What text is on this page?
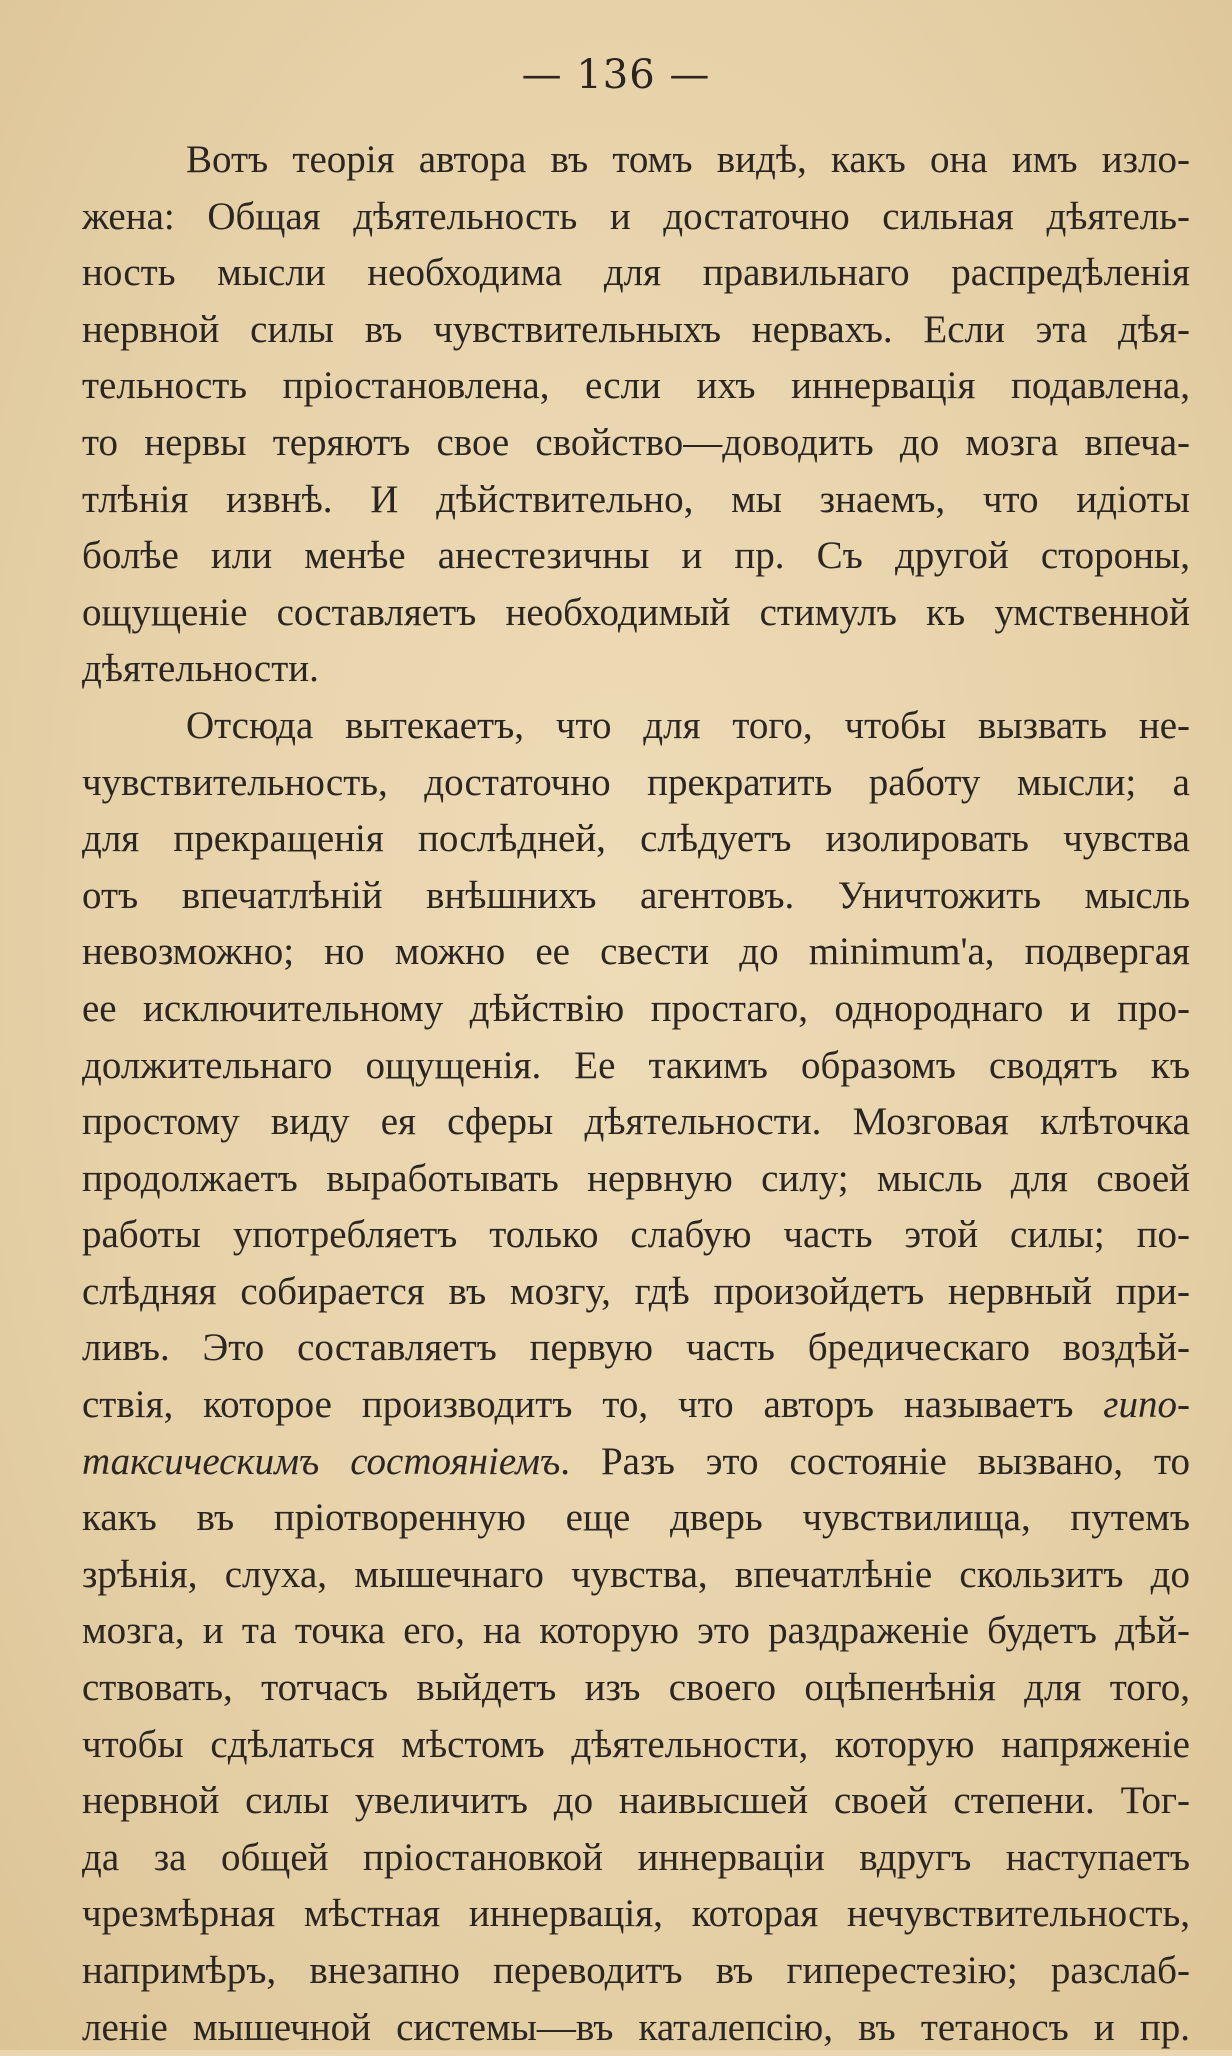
— 136 —
Вотъ теорія автора въ томъ видѣ, какъ она имъ изло-
жена: Общая дѣятельность и достаточно сильная дѣятель-
ность мысли необходима для правильнаго распредѣленія
нервной силы въ чувствительныхъ нервахъ. Если эта дѣя-
тельность пріостановлена, если ихъ иннервація подавлена,
то нервы теряютъ свое свойство—доводить до мозга впеча-
тлѣнія извнѣ. И дѣйствительно, мы знаемъ, что идіоты
болѣе или менѣе анестезичны и пр. Съ другой стороны,
ощущеніе составляетъ необходимый стимулъ къ умственной
дѣятельности.
Отсюда вытекаетъ, что для того, чтобы вызвать не-
чувствительность, достаточно прекратить работу мысли; а
для прекращенія послѣдней, слѣдуетъ изолировать чувства
отъ впечатлѣній внѣшнихъ агентовъ. Уничтожить мысль
невозможно; но можно ее свести до minimum'а, подвергая
ее исключительному дѣйствію простаго, однороднаго и про-
должительнаго ощущенія. Ее такимъ образомъ сводятъ къ
простому виду ея сферы дѣятельности. Мозговая клѣточка
продолжаетъ выработывать нервную силу; мысль для своей
работы употребляетъ только слабую часть этой силы; по-
слѣдняя собирается въ мозгу, гдѣ произойдетъ нервный при-
ливъ. Это составляетъ первую часть бредическаго воздѣй-
ствія, которое производитъ то, что авторъ называетъ гипо-
таксическимъ состояніемъ. Разъ это состояніе вызвано, то
какъ въ пріотворенную еще дверь чувствилища, путемъ
зрѣнія, слуха, мышечнаго чувства, впечатлѣніе скользитъ до
мозга, и та точка его, на которую это раздраженіе будетъ дѣй-
ствовать, тотчасъ выйдетъ изъ своего оцѣпенѣнія для того,
чтобы сдѣлаться мѣстомъ дѣятельности, которую напряженіе
нервной силы увеличитъ до наивысшей своей степени. Тог-
да за общей пріостановкой иннерваціи вдругъ наступаетъ
чрезмѣрная мѣстная иннервація, которая нечувствительность,
напримѣръ, внезапно переводитъ въ гиперестезію; разслаб-
леніе мышечной системы—въ каталепсію, въ тетаносъ и пр.
